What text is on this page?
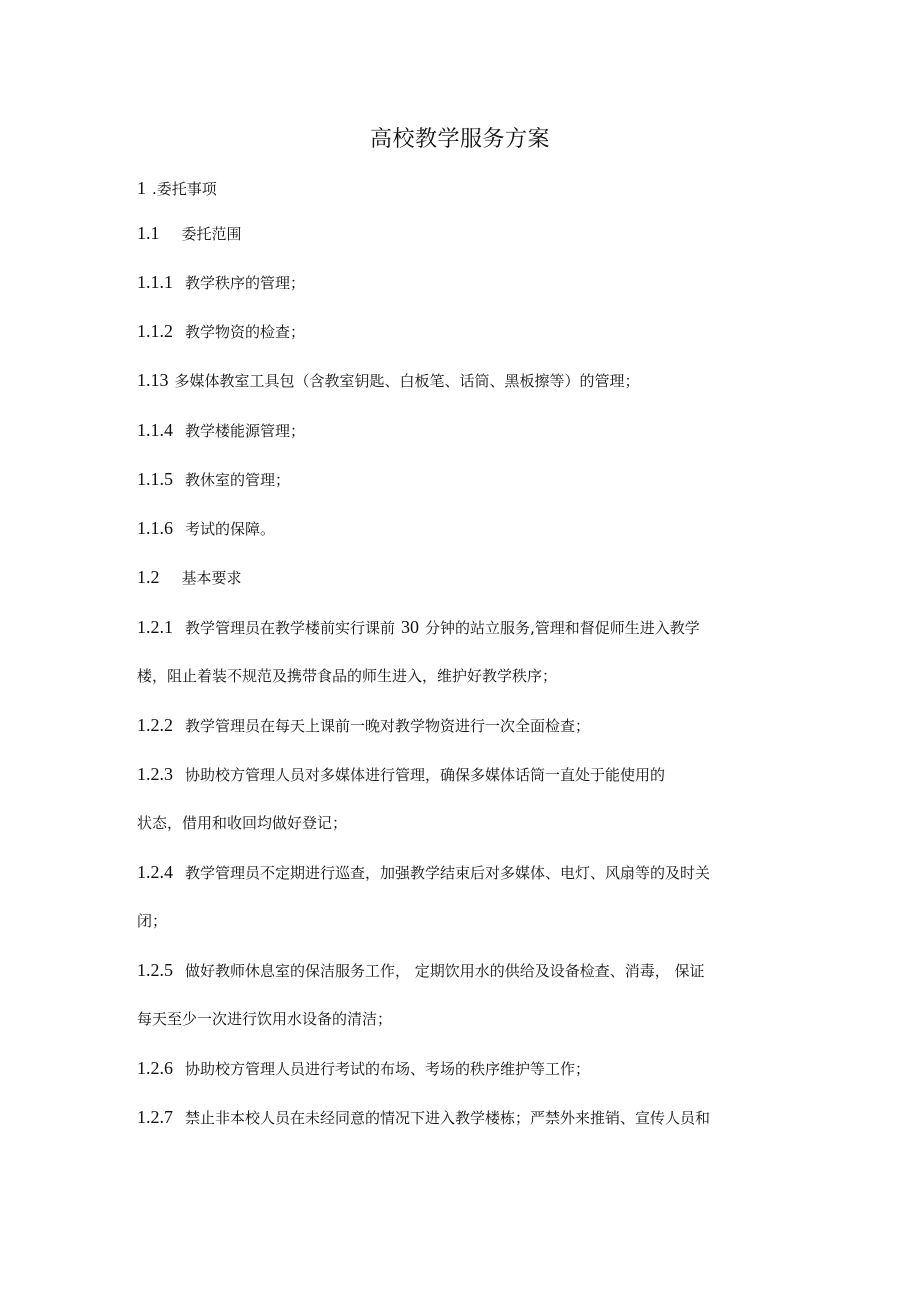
高校教学服务方案
1 .委托事项
1.1 委托范围
1.1.1 教学秩序的管理；
1.1.2 教学物资的检查；
1.13 多媒体教室工具包（含教室钥匙、白板笔、话筒、黑板擦等）的管理；
1.1.4 教学楼能源管理；
1.1.5 教休室的管理；
1.1.6 考试的保障。
1.2 基本要求
1.2.1 教学管理员在教学楼前实行课前 30 分钟的站立服务,管理和督促师生进入教学
楼，阻止着装不规范及携带食品的师生进入，维护好教学秩序；
1.2.2 教学管理员在每天上课前一晚对教学物资进行一次全面检查；
1.2.3 协助校方管理人员对多媒体进行管理，确保多媒体话筒一直处于能使用的
状态，借用和收回均做好登记；
1.2.4 教学管理员不定期进行巡查，加强教学结束后对多媒体、电灯、风扇等的及时关
闭；
1.2.5 做好教师休息室的保洁服务工作， 定期饮用水的供给及设备检查、消毒， 保证
每天至少一次进行饮用水设备的清洁；
1.2.6 协助校方管理人员进行考试的布场、考场的秩序维护等工作；
1.2.7 禁止非本校人员在未经同意的情况下进入教学楼栋；严禁外来推销、宣传人员和
